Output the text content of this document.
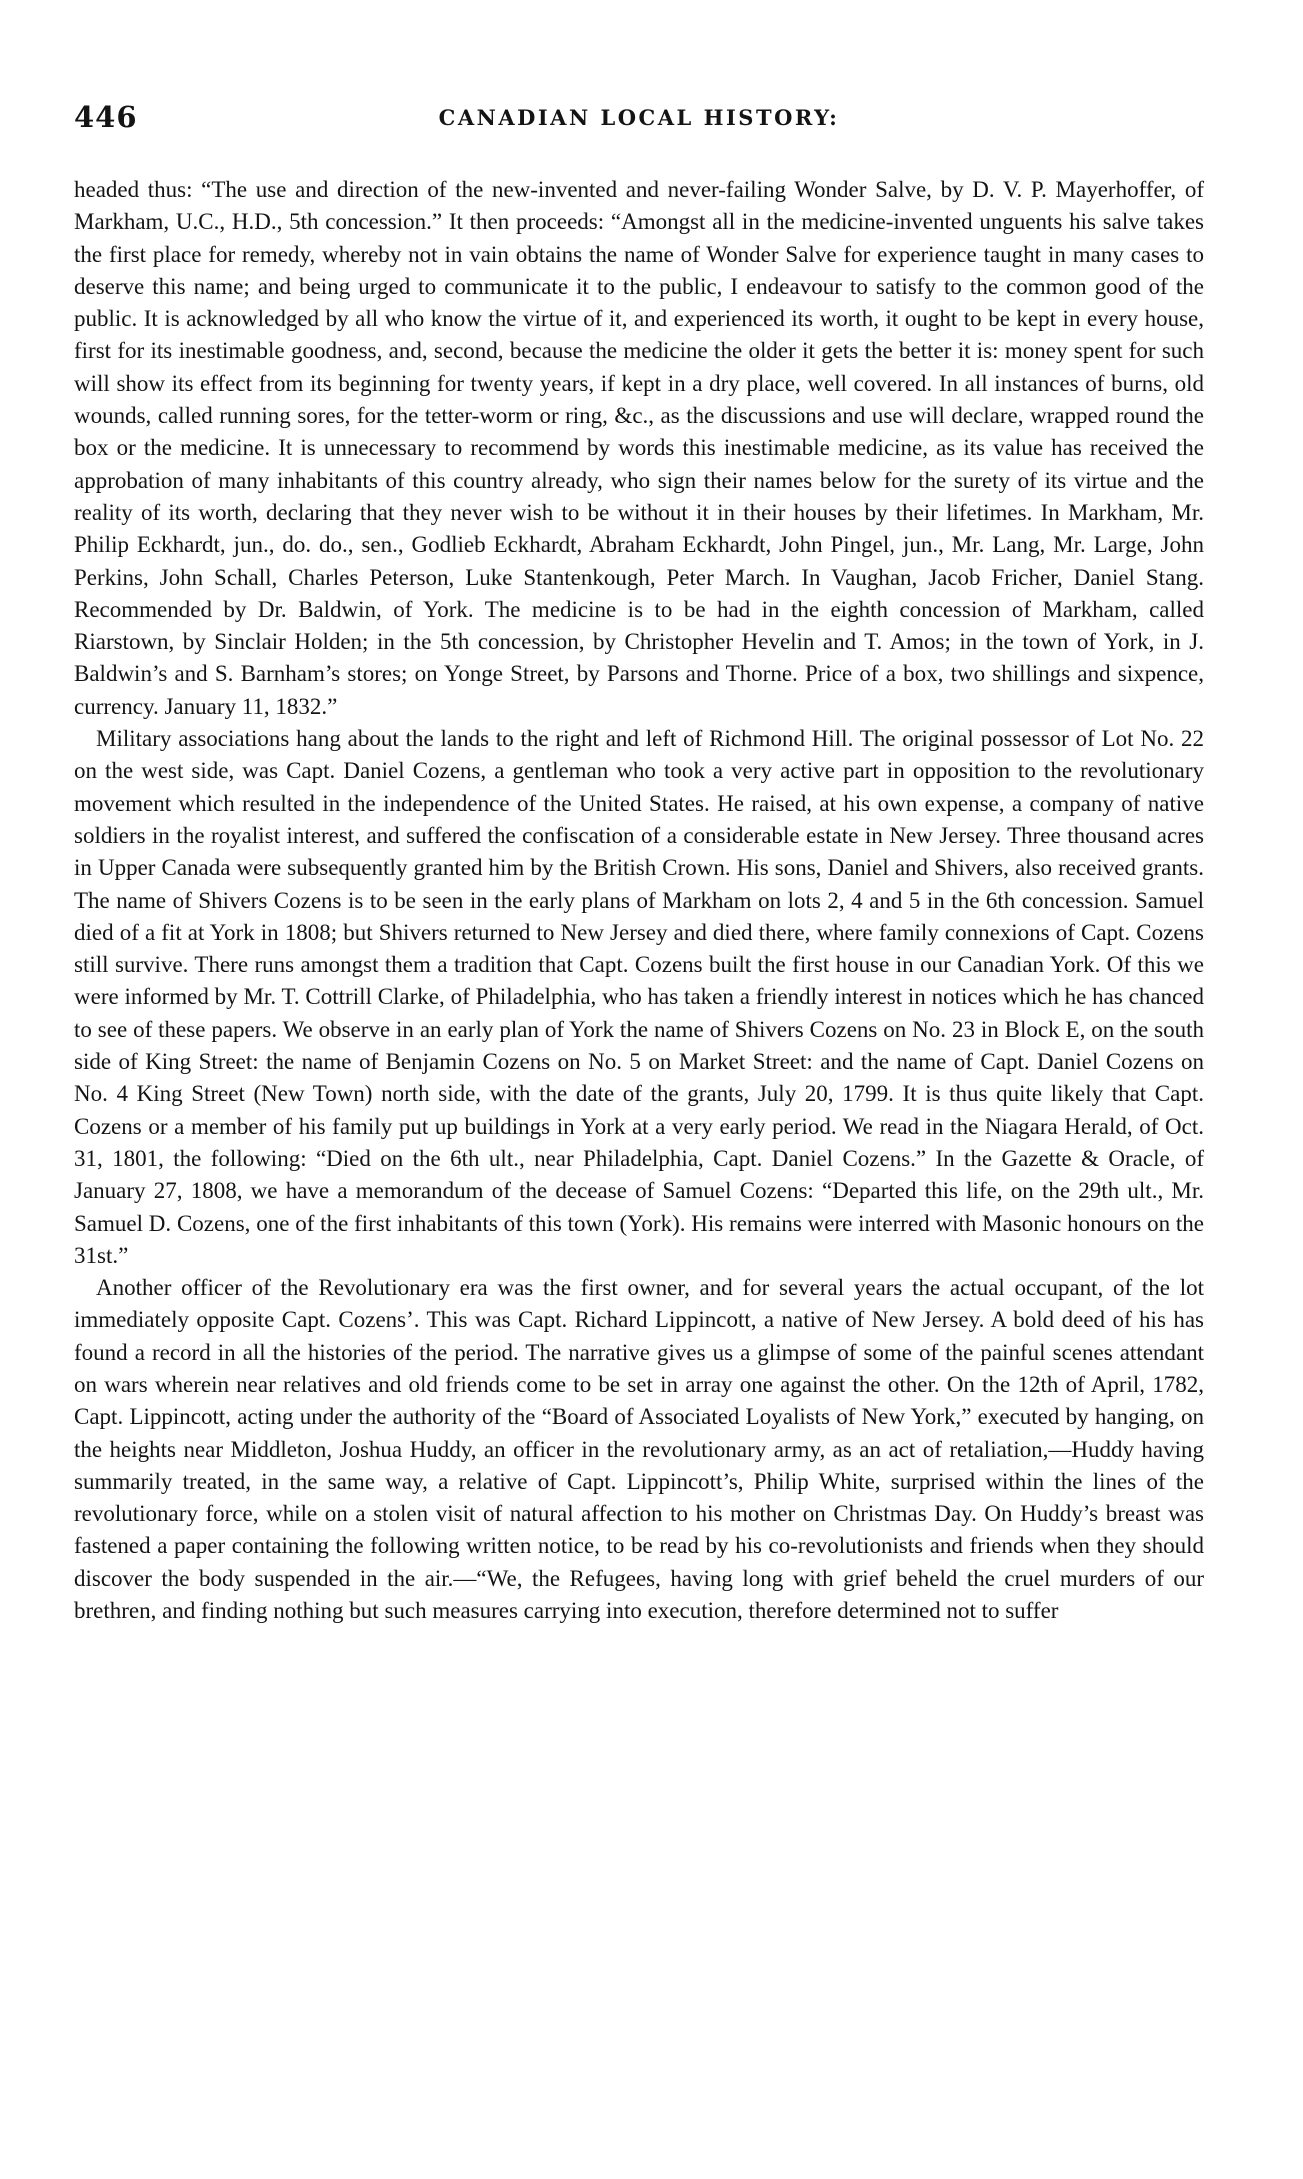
446	CANADIAN LOCAL HISTORY:

headed thus: “The use and direction of the new-invented and never-failing Wonder Salve, by D. V. P. Mayerhoffer, of Markham, U.C., H.D., 5th concession.” It then proceeds: “Amongst all in the medicine-invented unguents his salve takes the first place for remedy, whereby not in vain obtains the name of Wonder Salve for experience taught in many cases to deserve this name; and being urged to communicate it to the public, I endeavour to satisfy to the common good of the public. It is acknowledged by all who know the virtue of it, and experienced its worth, it ought to be kept in every house, first for its inestimable goodness, and, second, because the medicine the older it gets the better it is: money spent for such will show its effect from its beginning for twenty years, if kept in a dry place, well covered. In all instances of burns, old wounds, called running sores, for the tetter-worm or ring, &c., as the discussions and use will declare, wrapped round the box or the medicine. It is unnecessary to recommend by words this inestimable medicine, as its value has received the approbation of many inhabitants of this country already, who sign their names below for the surety of its virtue and the reality of its worth, declaring that they never wish to be without it in their houses by their lifetimes. In Markham, Mr. Philip Eckhardt, jun., do. do., sen., Godlieb Eckhardt, Abraham Eckhardt, John Pingel, jun., Mr. Lang, Mr. Large, John Perkins, John Schall, Charles Peterson, Luke Stantenkough, Peter March. In Vaughan, Jacob Fricher, Daniel Stang. Recommended by Dr. Baldwin, of York. The medicine is to be had in the eighth concession of Markham, called Riarstown, by Sinclair Holden; in the 5th concession, by Christopher Hevelin and T. Amos; in the town of York, in J. Baldwin’s and S. Barnham’s stores; on Yonge Street, by Parsons and Thorne. Price of a box, two shillings and sixpence, currency. January 11, 1832.”

Military associations hang about the lands to the right and left of Richmond Hill. The original possessor of Lot No. 22 on the west side, was Capt. Daniel Cozens, a gentleman who took a very active part in opposition to the revolutionary movement which resulted in the independence of the United States. He raised, at his own expense, a company of native soldiers in the royalist interest, and suffered the confiscation of a considerable estate in New Jersey. Three thousand acres in Upper Canada were subsequently granted him by the British Crown. His sons, Daniel and Shivers, also received grants. The name of Shivers Cozens is to be seen in the early plans of Markham on lots 2, 4 and 5 in the 6th concession. Samuel died of a fit at York in 1808; but Shivers returned to New Jersey and died there, where family connexions of Capt. Cozens still survive. There runs amongst them a tradition that Capt. Cozens built the first house in our Canadian York. Of this we were informed by Mr. T. Cottrill Clarke, of Philadelphia, who has taken a friendly interest in notices which he has chanced to see of these papers. We observe in an early plan of York the name of Shivers Cozens on No. 23 in Block E, on the south side of King Street: the name of Benjamin Cozens on No. 5 on Market Street: and the name of Capt. Daniel Cozens on No. 4 King Street (New Town) north side, with the date of the grants, July 20, 1799. It is thus quite likely that Capt. Cozens or a member of his family put up buildings in York at a very early period. We read in the Niagara Herald, of Oct. 31, 1801, the following: “Died on the 6th ult., near Philadelphia, Capt. Daniel Cozens.” In the Gazette & Oracle, of January 27, 1808, we have a memorandum of the decease of Samuel Cozens: “Departed this life, on the 29th ult., Mr. Samuel D. Cozens, one of the first inhabitants of this town (York). His remains were interred with Masonic honours on the 31st.”

Another officer of the Revolutionary era was the first owner, and for several years the actual occupant, of the lot immediately opposite Capt. Cozens’. This was Capt. Richard Lippincott, a native of New Jersey. A bold deed of his has found a record in all the histories of the period. The narrative gives us a glimpse of some of the painful scenes attendant on wars wherein near relatives and old friends come to be set in array one against the other. On the 12th of April, 1782, Capt. Lippincott, acting under the authority of the “Board of Associated Loyalists of New York,” executed by hanging, on the heights near Middleton, Joshua Huddy, an officer in the revolutionary army, as an act of retaliation,—Huddy having summarily treated, in the same way, a relative of Capt. Lippincott’s, Philip White, surprised within the lines of the revolutionary force, while on a stolen visit of natural affection to his mother on Christmas Day. On Huddy’s breast was fastened a paper containing the following written notice, to be read by his co-revolutionists and friends when they should discover the body suspended in the air.—“We, the Refugees, having long with grief beheld the cruel murders of our brethren, and finding nothing but such measures carrying into execution, therefore determined not to suffer
